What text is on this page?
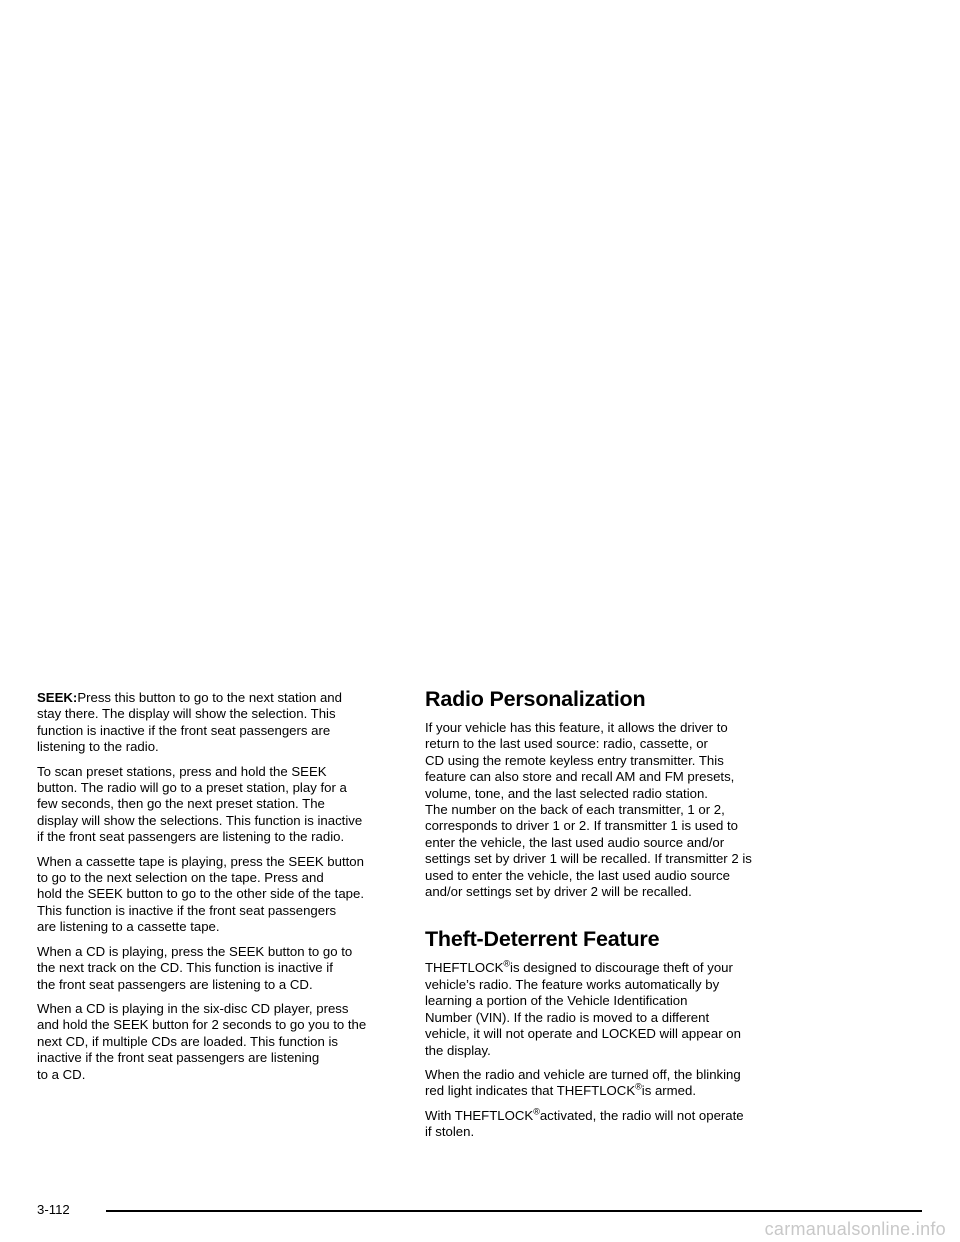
SEEK:Press this button to go to the next station and
stay there. The display will show the selection. This
function is inactive if the front seat passengers are
listening to the radio.

To scan preset stations, press and hold the SEEK
button. The radio will go to a preset station, play for a
few seconds, then go the next preset station. The
display will show the selections. This function is inactive
if the front seat passengers are listening to the radio.

When a cassette tape is playing, press the SEEK button
to go to the next selection on the tape. Press and
hold the SEEK button to go to the other side of the tape.
This function is inactive if the front seat passengers
are listening to a cassette tape.

When a CD is playing, press the SEEK button to go to
the next track on the CD. This function is inactive if
the front seat passengers are listening to a CD.

When a CD is playing in the six-disc CD player, press
and hold the SEEK button for 2 seconds to go you to the
next CD, if multiple CDs are loaded. This function is
inactive if the front seat passengers are listening
to a CD.

Radio Personalization

If your vehicle has this feature, it allows the driver to
return to the last used source: radio, cassette, or
CD using the remote keyless entry transmitter. This
feature can also store and recall AM and FM presets,
volume, tone, and the last selected radio station.
The number on the back of each transmitter, 1 or 2,
corresponds to driver 1 or 2. If transmitter 1 is used to
enter the vehicle, the last used audio source and/or
settings set by driver 1 will be recalled. If transmitter 2 is
used to enter the vehicle, the last used audio source
and/or settings set by driver 2 will be recalled.

Theft-Deterrent Feature

THEFTLOCK®is designed to discourage theft of your
vehicle’s radio. The feature works automatically by
learning a portion of the Vehicle Identification
Number (VIN). If the radio is moved to a different
vehicle, it will not operate and LOCKED will appear on
the display.

When the radio and vehicle are turned off, the blinking
red light indicates that THEFTLOCK®is armed.

With THEFTLOCK®activated, the radio will not operate
if stolen.

3-112
carmanualsonline.info
